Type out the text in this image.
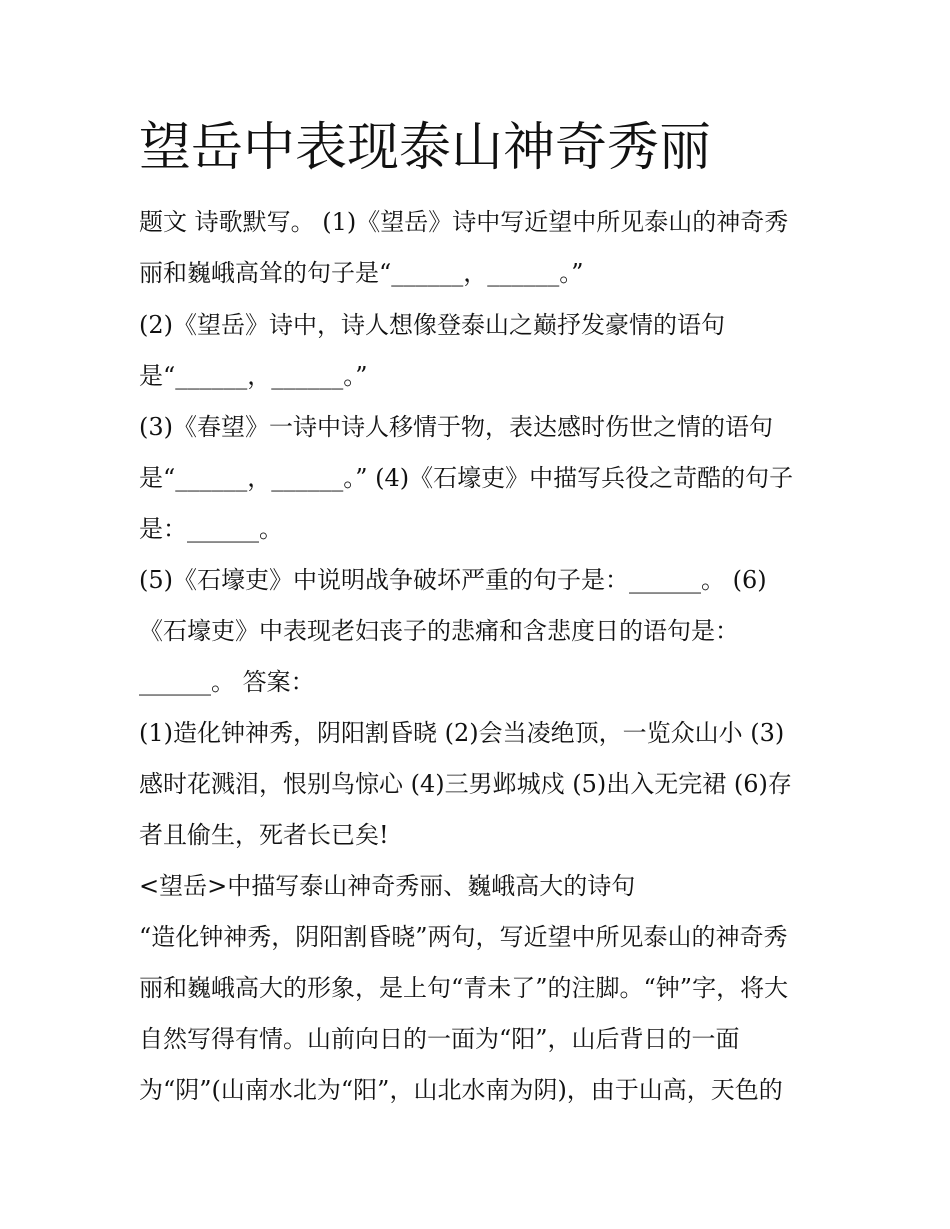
望岳中表现泰山神奇秀丽
题文 诗歌默写。 (1)《望岳》诗中写近望中所见泰山的神奇秀
丽和巍峨高耸的句子是“______，______。”
(2)《望岳》诗中，诗人想像登泰山之巅抒发豪情的语句
是“______，______。”
(3)《春望》一诗中诗人移情于物，表达感时伤世之情的语句
是“______，______。” (4)《石壕吏》中描写兵役之苛酷的句子
是：______。
(5)《石壕吏》中说明战争破坏严重的句子是：______。 (6)
《石壕吏》中表现老妇丧子的悲痛和含悲度日的语句是：
______。 答案：
(1)造化钟神秀，阴阳割昏晓 (2)会当凌绝顶，一览众山小 (3)
感时花溅泪，恨别鸟惊心 (4)三男邺城戍 (5)出入无完裙 (6)存
者且偷生，死者长已矣!
<望岳>中描写泰山神奇秀丽、巍峨高大的诗句
“造化钟神秀，阴阳割昏晓”两句，写近望中所见泰山的神奇秀
丽和巍峨高大的形象，是上句“青未了”的注脚。“钟”字，将大
自然写得有情。山前向日的一面为“阳”，山后背日的一面
为“阴”(山南水北为“阳”，山北水南为阴)，由于山高，天色的
